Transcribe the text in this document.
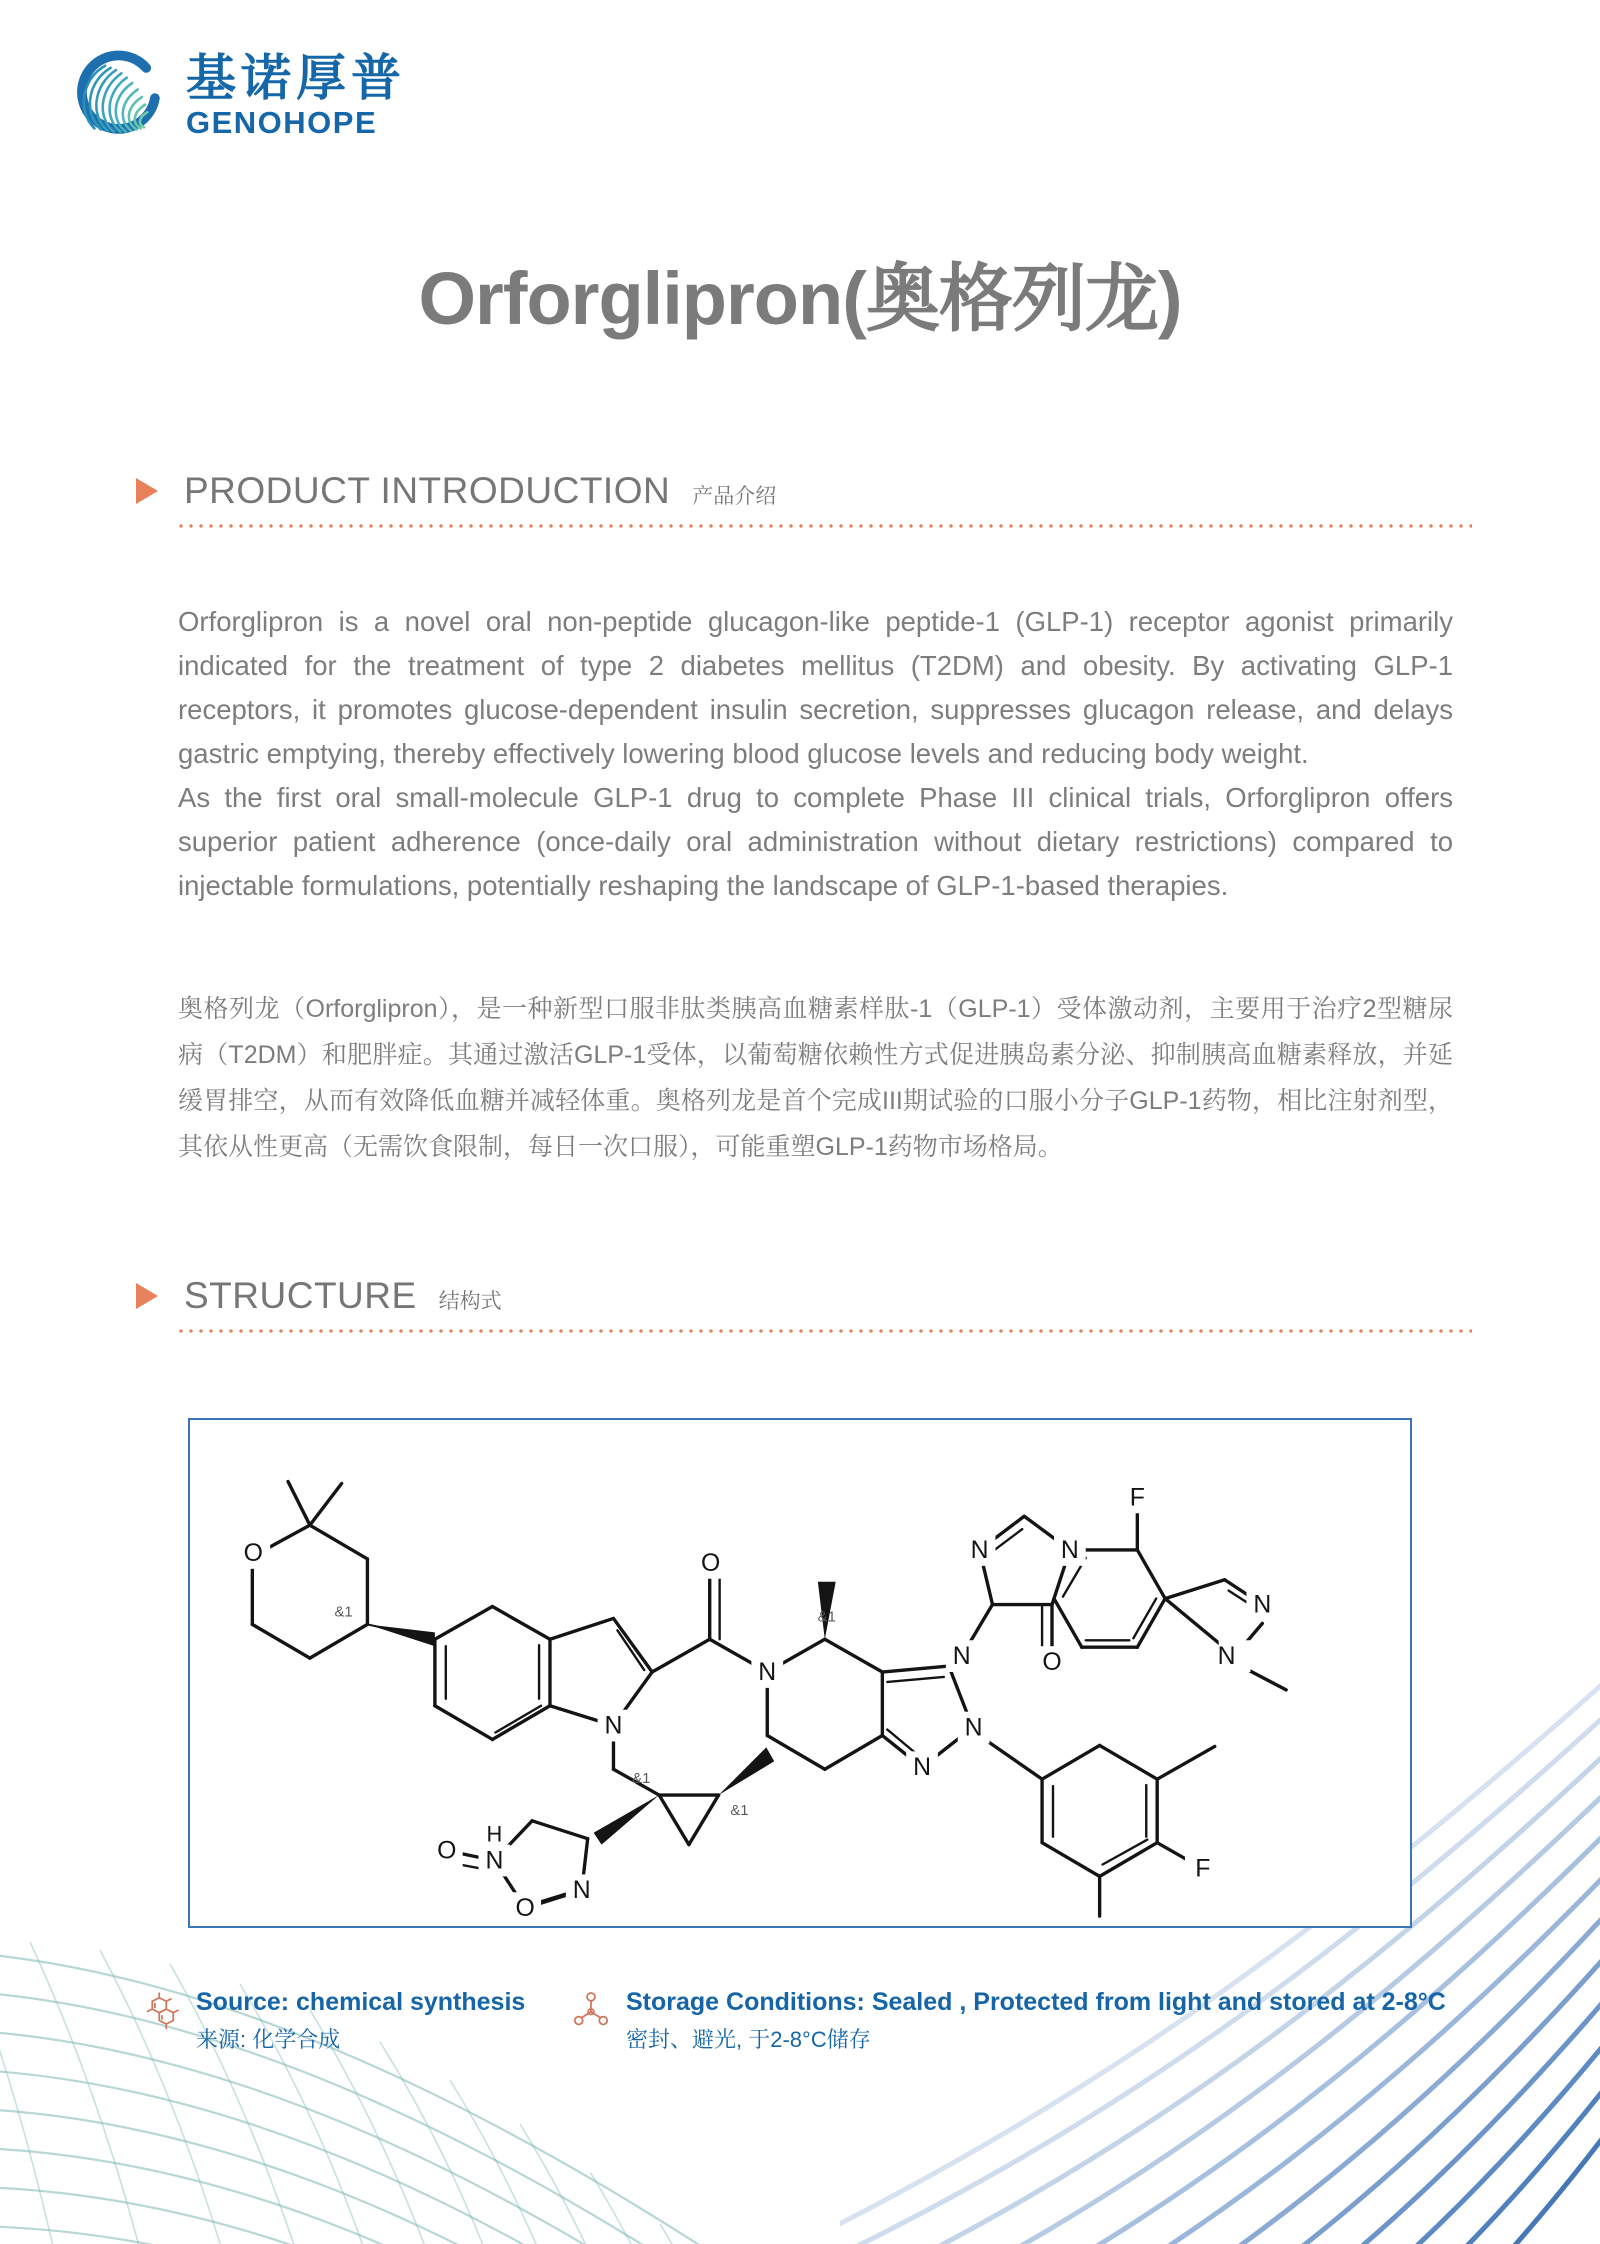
基诺厚普
GENOHOPE
Orforglipron(奥格列龙)
PRODUCT INTRODUCTION 产品介绍
Orforglipron is a novel oral non-peptide glucagon-like peptide-1 (GLP-1) receptor agonist primarily indicated for the treatment of type 2 diabetes mellitus (T2DM) and obesity. By activating GLP-1 receptors, it promotes glucose-dependent insulin secretion, suppresses glucagon release, and delays gastric emptying, thereby effectively lowering blood glucose levels and reducing body weight.
As the first oral small-molecule GLP-1 drug to complete Phase III clinical trials, Orforglipron offers superior patient adherence (once-daily oral administration without dietary restrictions) compared to injectable formulations, potentially reshaping the landscape of GLP-1-based therapies.
奥格列龙（Orforglipron），是一种新型口服非肽类胰高血糖素样肽-1（GLP-1）受体激动剂，主要用于治疗2型糖尿病（T2DM）和肥胖症。其通过激活GLP-1受体，以葡萄糖依赖性方式促进胰岛素分泌、抑制胰高血糖素释放，并延缓胃排空，从而有效降低血糖并减轻体重。奥格列龙是首个完成III期试验的口服小分子GLP-1药物，相比注射剂型，其依从性更高（无需饮食限制，每日一次口服），可能重塑GLP-1药物市场格局。
STRUCTURE 结构式
O	O
N
N
N
N
N
N
N
O
N
N
F
F
N
H
O
N
O
&1	&1
&1
&1
Source: chemical synthesis
来源: 化学合成
Storage Conditions: Sealed , Protected from light and stored at 2-8°C
密封、避光, 于2-8°C储存
